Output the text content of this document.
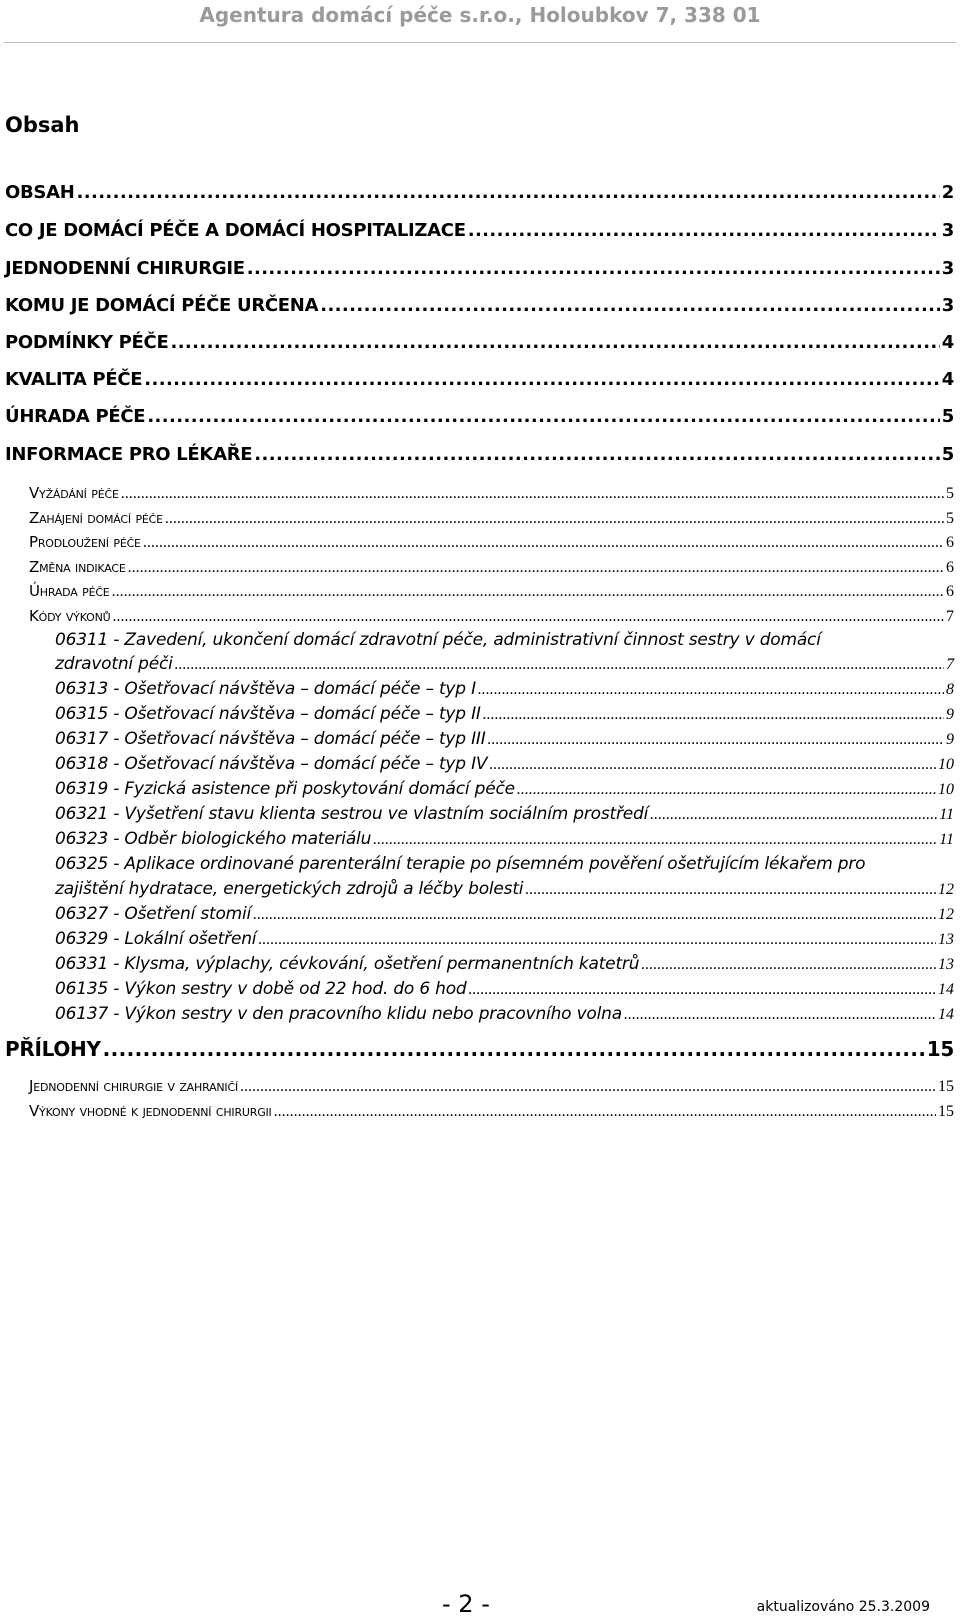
Agentura domácí péče s.r.o., Holoubkov 7, 338 01
Obsah
OBSAH .....	2
CO JE DOMÁCÍ PÉČE A DOMÁCÍ HOSPITALIZACE .....	3
JEDNODENNÍ CHIRURGIE .....	3
KOMU JE DOMÁCÍ PÉČE URČENA .....	3
PODMÍNKY PÉČE .....	4
KVALITA PÉČE .....	4
ÚHRADA PÉČE .....	5
INFORMACE PRO LÉKAŘE .....	5
Vyžádání péče .....	5
Zahájení domácí péče .....	5
Prodloužení péče .....	6
Změna indikace .....	6
Úhrada péče .....	6
Kódy výkonů .....	7
06311 - Zavedení, ukončení domácí zdravotní péče, administrativní činnost sestry v domácí
zdravotní péči .....	7
06313 - Ošetřovací návštěva – domácí péče – typ I .....	8
06315 - Ošetřovací návštěva – domácí péče – typ II .....	9
06317 - Ošetřovací návštěva – domácí péče – typ III .....	9
06318 - Ošetřovací návštěva – domácí péče – typ IV .....	10
06319 - Fyzická asistence při poskytování domácí péče .....	10
06321 - Vyšetření stavu klienta sestrou ve vlastním sociálním prostředí .....	11
06323 - Odběr biologického materiálu .....	11
06325 - Aplikace ordinované parenterální terapie po písemném pověření ošetřujícím lékařem pro
zajištění hydratace, energetických zdrojů a léčby bolesti .....	12
06327 - Ošetření stomií .....	12
06329 - Lokální ošetření .....	13
06331 - Klysma, výplachy, cévkování, ošetření permanentních katetrů .....	13
06135 - Výkon sestry v době od 22 hod. do 6 hod .....	14
06137 - Výkon sestry v den pracovního klidu nebo pracovního volna .....	14
PŘÍLOHY .....	15
Jednodenní chirurgie v zahraničí .....	15
Výkony vhodné k jednodenní chirurgii .....	15
- 2 -	aktualizováno 25.3.2009
